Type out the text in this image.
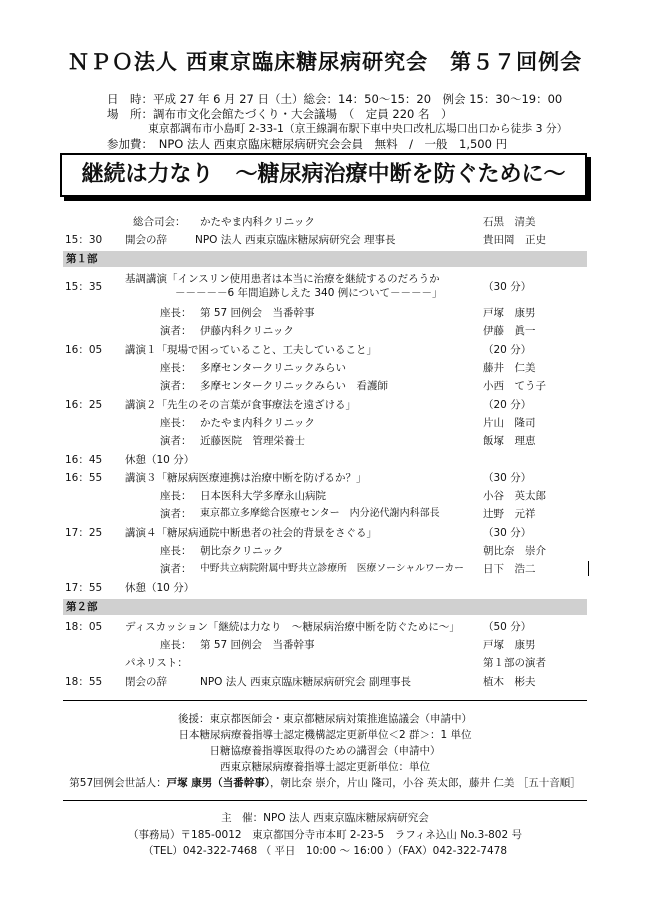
ＮＰＯ法人 西東京臨床糖尿病研究会　第５７回例会
日　時：平成 27 年 6 月 27 日（土）総会：14：50～15：20　例会 15：30～19：00
場　所：調布市文化会館たづくり・大会議場　（　定員 220 名　）
東京都調布市小島町 2-33-1（京王線調布駅下車中央口改札広場口出口から徒歩 3 分）
参加費：　NPO 法人 西東京臨床糖尿病研究会会員　無料　/　一般　1,500 円
継続は力なり　～糖尿病治療中断を防ぐために～
総合司会： かたやま内科クリニック	石黒　清美
15：30 開会の辞	NPO 法人 西東京臨床糖尿病研究会 理事長	貴田岡　正史
第１部
基調講演「インスリン使用患者は本当に治療を継続するのだろうか
15：35	－－－－－6 年間追跡しえた 340 例について－－－－」	（30 分）
座長： 第 57 回例会　当番幹事	戸塚　康男
演者： 伊藤内科クリニック	伊藤　眞一
16：05 講演１「現場で困っていること、工夫していること」	（20 分）
座長： 多摩センタークリニックみらい	藤井　仁美
演者： 多摩センタークリニックみらい　看護師	小西　てう子
16：25 講演２「先生のその言葉が食事療法を遠ざける」	（20 分）
座長： かたやま内科クリニック	片山　隆司
演者： 近藤医院　管理栄養士	飯塚　理恵
16：45 休憩（10 分）
16：55 講演３「糖尿病医療連携は治療中断を防げるか？」	（30 分）
座長： 日本医科大学多摩永山病院	小谷　英太郎
演者： 東京都立多摩総合医療センター　内分泌代謝内科部長	辻野　元祥
17：25 講演４「糖尿病通院中断患者の社会的背景をさぐる」	（30 分）
座長： 朝比奈クリニック	朝比奈　崇介
演者： 中野共立病院附属中野共立診療所　医療ソーシャルワーカー 日下　浩二
17：55 休憩（10 分）
第２部
18：05 ディスカッション「継続は力なり　～糖尿病治療中断を防ぐために～」 （50 分）
座長： 第 57 回例会　当番幹事	戸塚　康男
パネリスト：	第１部の演者
18：55 閉会の辞	NPO 法人 西東京臨床糖尿病研究会 副理事長	植木　彬夫
後援：東京都医師会・東京都糖尿病対策推進協議会（申請中）
日本糖尿病療養指導士認定機構認定更新単位＜2 群＞：1 単位
日糖協療養指導医取得のための講習会（申請中）
西東京糖尿病療養指導士認定更新単位：単位
第57回例会世話人：戸塚 康男（当番幹事），朝比奈 崇介，片山 隆司，小谷 英太郎，藤井 仁美 ［五十音順］
主　催：NPO 法人 西東京臨床糖尿病研究会
（事務局）〒185-0012　東京都国分寺市本町 2-23-5　ラフィネ込山 No.3-802 号
（TEL）042-322-7468 （ 平日　10:00 ～ 16:00 ）（FAX）042-322-7478
